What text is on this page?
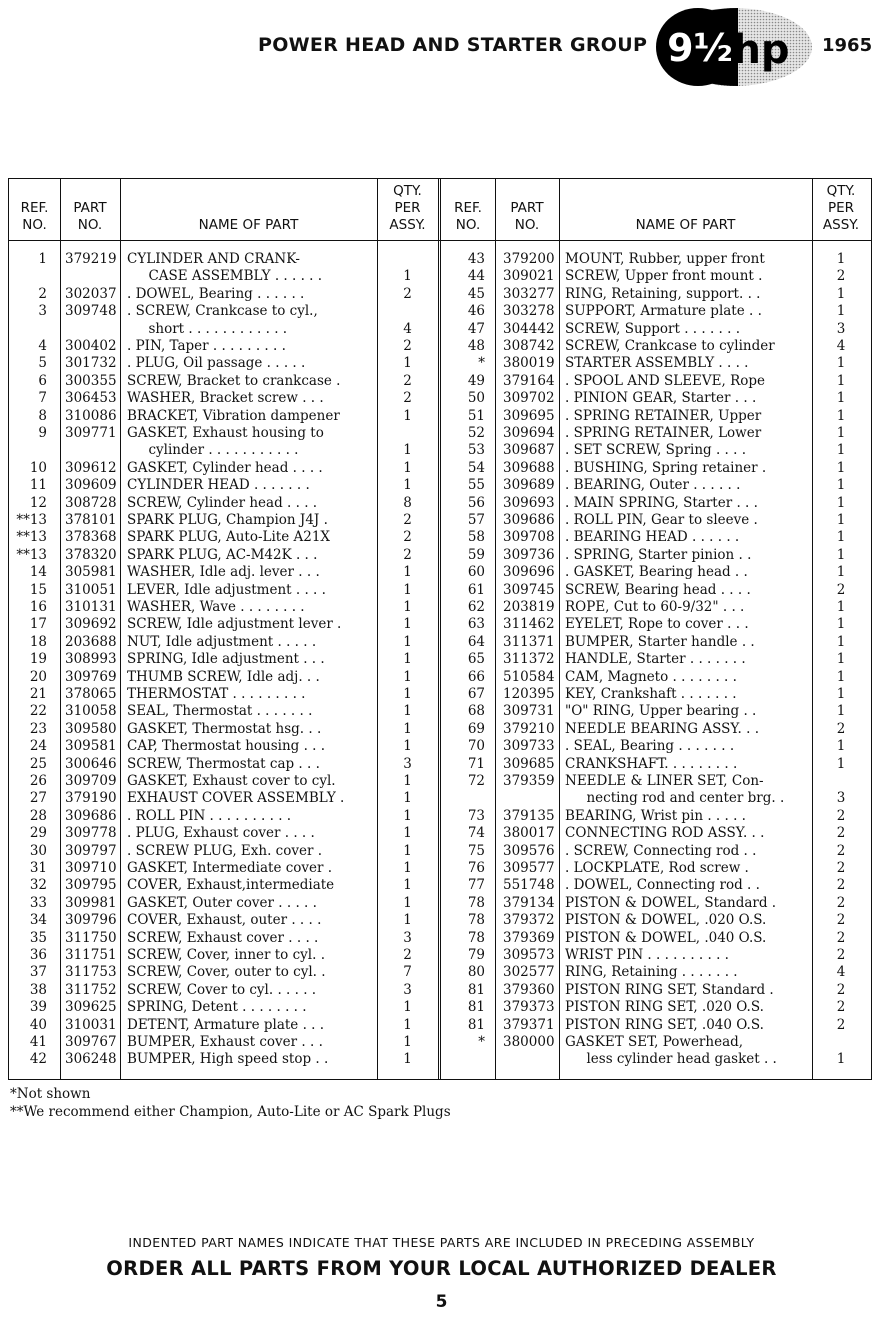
POWER HEAD AND STARTER GROUP 9½ hp 1965
REF.
NO.
PART
NO.	NAME OF PART
QTY.
PER
ASSY.
REF.
NO.
PART
NO.	NAME OF PART
QTY.
PER
ASSY.
1 379219 CYLINDER AND CRANK-
CASE ASSEMBLY . . . . . .	1
2 302037 . DOWEL, Bearing . . . . . .	2
3 309748 . SCREW, Crankcase to cyl.,
short . . . . . . . . . . . .	4
4 300402 . PIN, Taper . . . . . . . . .	2
5 301732 . PLUG, Oil passage . . . . .	1
6 300355 SCREW, Bracket to crankcase .	2
7 306453 WASHER, Bracket screw . . .	2
8 310086 BRACKET, Vibration dampener	1
9 309771 GASKET, Exhaust housing to
cylinder . . . . . . . . . . .	1
10 309612 GASKET, Cylinder head . . . .	1
11 309609 CYLINDER HEAD . . . . . . .	1
12 308728 SCREW, Cylinder head . . . .	8
**13 378101 SPARK PLUG, Champion J4J .	2
**13 378368 SPARK PLUG, Auto-Lite A21X	2
**13 378320 SPARK PLUG, AC-M42K . . .	2
14 305981 WASHER, Idle adj. lever . . .	1
15 310051 LEVER, Idle adjustment . . . .	1
16 310131 WASHER, Wave . . . . . . . .	1
17 309692 SCREW, Idle adjustment lever .	1
18 203688 NUT, Idle adjustment . . . . .	1
19 308993 SPRING, Idle adjustment . . .	1
20 309769 THUMB SCREW, Idle adj. . .	1
21 378065 THERMOSTAT . . . . . . . . .	1
22 310058 SEAL, Thermostat . . . . . . .	1
23 309580 GASKET, Thermostat hsg. . .	1
24 309581 CAP, Thermostat housing . . .	1
25 300646 SCREW, Thermostat cap . . .	3
26 309709 GASKET, Exhaust cover to cyl.	1
27 379190 EXHAUST COVER ASSEMBLY .	1
28 309686 . ROLL PIN . . . . . . . . . .	1
29 309778 . PLUG, Exhaust cover . . . .	1
30 309797 . SCREW PLUG, Exh. cover .	1
31 309710 GASKET, Intermediate cover .	1
32 309795 COVER, Exhaust,intermediate	1
33 309981 GASKET, Outer cover . . . . .	1
34 309796 COVER, Exhaust, outer . . . .	1
35 311750 SCREW, Exhaust cover . . . .	3
36 311751 SCREW, Cover, inner to cyl. .	2
37 311753 SCREW, Cover, outer to cyl. .	7
38 311752 SCREW, Cover to cyl. . . . . .	3
39 309625 SPRING, Detent . . . . . . . .	1
40 310031 DETENT, Armature plate . . .	1
41 309767 BUMPER, Exhaust cover . . .	1
42 306248 BUMPER, High speed stop . .	1
43 379200 MOUNT, Rubber, upper front	1
44 309021 SCREW, Upper front mount .	2
45 303277 RING, Retaining, support. . .	1
46 303278 SUPPORT, Armature plate . .	1
47 304442 SCREW, Support . . . . . . .	3
48 308742 SCREW, Crankcase to cylinder	4
* 380019 STARTER ASSEMBLY . . . .	1
49 379164 . SPOOL AND SLEEVE, Rope	1
50 309702 . PINION GEAR, Starter . . .	1
51 309695 . SPRING RETAINER, Upper	1
52 309694 . SPRING RETAINER, Lower	1
53 309687 . SET SCREW, Spring . . . .	1
54 309688 . BUSHING, Spring retainer .	1
55 309689 . BEARING, Outer . . . . . .	1
56 309693 . MAIN SPRING, Starter . . .	1
57 309686 . ROLL PIN, Gear to sleeve .	1
58 309708 . BEARING HEAD . . . . . .	1
59 309736 . SPRING, Starter pinion . .	1
60 309696 . GASKET, Bearing head . .	1
61 309745 SCREW, Bearing head . . . .	2
62 203819 ROPE, Cut to 60-9/32" . . .	1
63 311462 EYELET, Rope to cover . . .	1
64 311371 BUMPER, Starter handle . .	1
65 311372 HANDLE, Starter . . . . . . .	1
66 510584 CAM, Magneto . . . . . . . .	1
67 120395 KEY, Crankshaft . . . . . . .	1
68 309731 "O" RING, Upper bearing . .	1
69 379210 NEEDLE BEARING ASSY. . .	2
70 309733 . SEAL, Bearing . . . . . . .	1
71 309685 CRANKSHAFT. . . . . . . . .	1
72 379359 NEEDLE & LINER SET, Con-
necting rod and center brg. .	3
73 379135 BEARING, Wrist pin . . . . .	2
74 380017 CONNECTING ROD ASSY. . .	2
75 309576 . SCREW, Connecting rod . .	2
76 309577 . LOCKPLATE, Rod screw .	2
77 551748 . DOWEL, Connecting rod . .	2
78 379134 PISTON & DOWEL, Standard .	2
78 379372 PISTON & DOWEL, .020 O.S.	2
78 379369 PISTON & DOWEL, .040 O.S.	2
79 309573 WRIST PIN . . . . . . . . . .	2
80 302577 RING, Retaining . . . . . . .	4
81 379360 PISTON RING SET, Standard .	2
81 379373 PISTON RING SET, .020 O.S.	2
81 379371 PISTON RING SET, .040 O.S.	2
* 380000 GASKET SET, Powerhead,
less cylinder head gasket . .	1
*Not shown
**We recommend either Champion, Auto-Lite or AC Spark Plugs
INDENTED PART NAMES INDICATE THAT THESE PARTS ARE INCLUDED IN PRECEDING ASSEMBLY
ORDER ALL PARTS FROM YOUR LOCAL AUTHORIZED DEALER
5
